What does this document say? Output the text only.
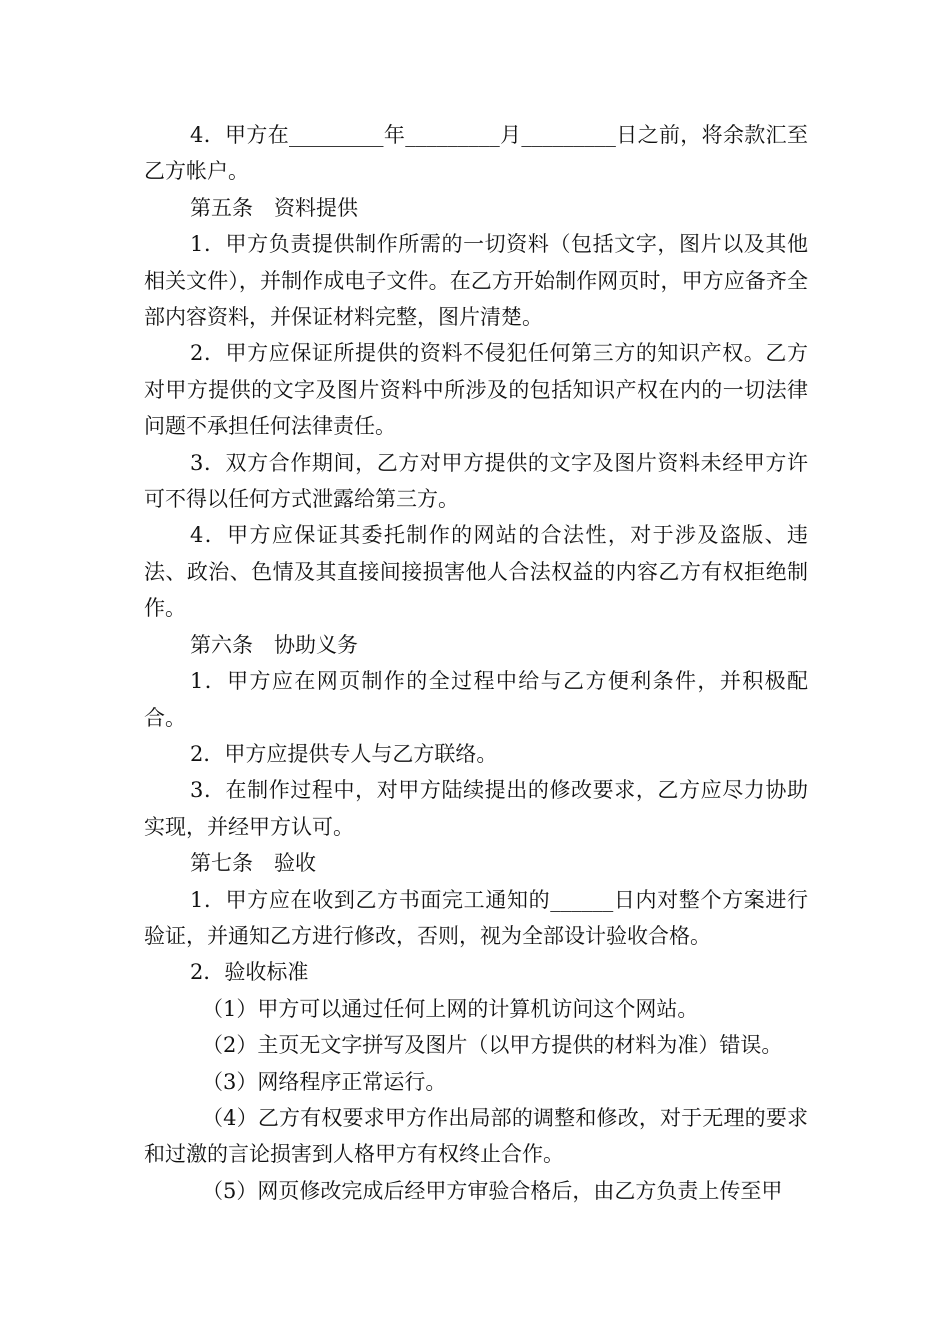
4．甲方在_________年_________月_________日之前，将余款汇至乙方帐户。

第五条　资料提供

1．甲方负责提供制作所需的一切资料（包括文字，图片以及其他相关文件），并制作成电子文件。在乙方开始制作网页时，甲方应备齐全部内容资料，并保证材料完整，图片清楚。

2．甲方应保证所提供的资料不侵犯任何第三方的知识产权。乙方对甲方提供的文字及图片资料中所涉及的包括知识产权在内的一切法律问题不承担任何法律责任。

3．双方合作期间，乙方对甲方提供的文字及图片资料未经甲方许可不得以任何方式泄露给第三方。

4．甲方应保证其委托制作的网站的合法性，对于涉及盗版、违法、政治、色情及其直接间接损害他人合法权益的内容乙方有权拒绝制作。

第六条　协助义务

1．甲方应在网页制作的全过程中给与乙方便利条件，并积极配合。

2．甲方应提供专人与乙方联络。

3．在制作过程中，对甲方陆续提出的修改要求，乙方应尽力协助实现，并经甲方认可。

第七条　验收

1．甲方应在收到乙方书面完工通知的______日内对整个方案进行验证，并通知乙方进行修改，否则，视为全部设计验收合格。

2．验收标准

（1）甲方可以通过任何上网的计算机访问这个网站。

（2）主页无文字拼写及图片（以甲方提供的材料为准）错误。

（3）网络程序正常运行。

（4）乙方有权要求甲方作出局部的调整和修改，对于无理的要求和过激的言论损害到人格甲方有权终止合作。

（5）网页修改完成后经甲方审验合格后，由乙方负责上传至甲
